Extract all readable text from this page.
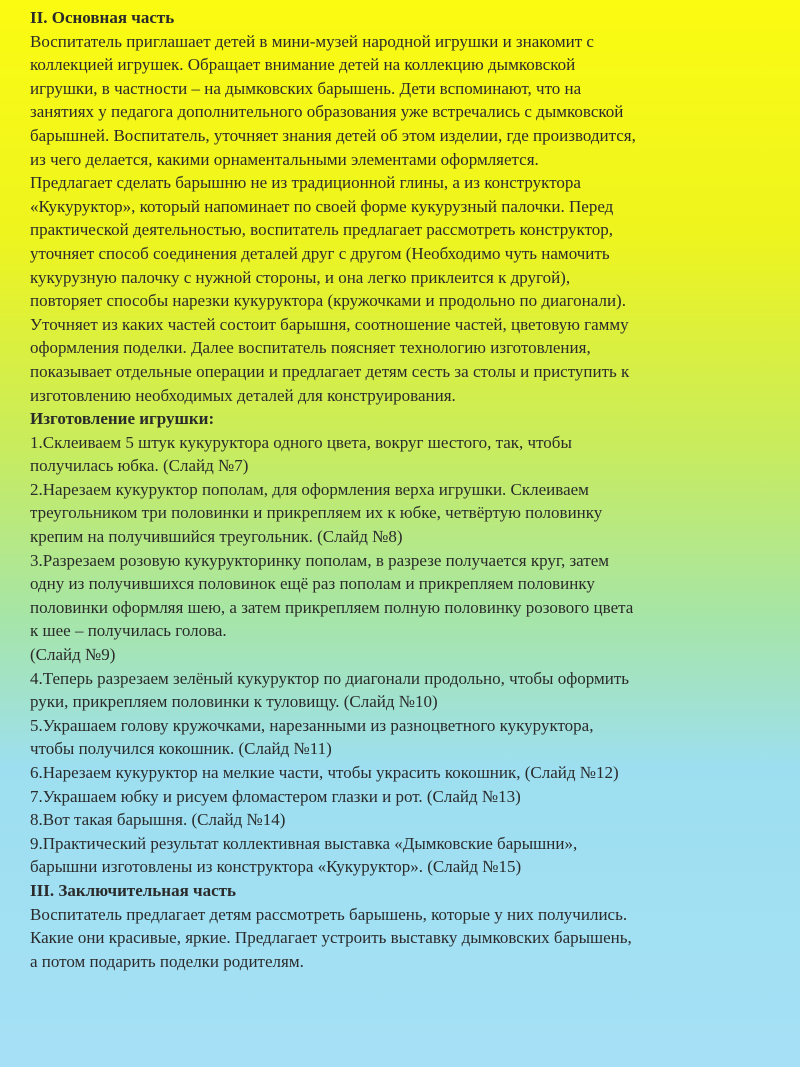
II. Основная часть
Воспитатель приглашает детей в мини-музей народной игрушки и знакомит с
коллекцией игрушек. Обращает внимание детей на коллекцию дымковской
игрушки, в частности – на дымковских барышень. Дети вспоминают, что на
занятиях у педагога дополнительного образования уже встречались с дымковской
барышней. Воспитатель, уточняет знания детей об этом изделии, где производится,
из чего делается, какими орнаментальными элементами оформляется.
Предлагает сделать барышню не из традиционной глины, а из конструктора
«Кукуруктор», который напоминает по своей форме кукурузный палочки. Перед
практической деятельностью, воспитатель предлагает рассмотреть конструктор,
уточняет способ соединения деталей друг с другом (Необходимо чуть намочить
кукурузную палочку с нужной стороны, и она легко приклеится к другой),
повторяет способы нарезки кукуруктора (кружочками и продольно по диагонали).
Уточняет из каких частей состоит барышня, соотношение частей, цветовую гамму
оформления поделки. Далее воспитатель поясняет технологию изготовления,
показывает отдельные операции и предлагает детям сесть за столы и приступить к
изготовлению необходимых деталей для конструирования.
Изготовление игрушки:
1.Склеиваем 5 штук кукуруктора одного цвета, вокруг шестого, так, чтобы
получилась юбка. (Слайд №7)
2.Нарезаем кукуруктор пополам, для оформления верха игрушки. Склеиваем
треугольником три половинки и прикрепляем их к юбке, четвёртую половинку
крепим на получившийся треугольник. (Слайд №8)
3.Разрезаем розовую кукурукторинку пополам, в разрезе получается круг, затем
одну из получившихся половинок ещё раз пополам и прикрепляем половинку
половинки оформляя шею, а затем прикрепляем полную половинку розового цвета
к шее – получилась голова.
(Слайд №9)
4.Теперь разрезаем зелёный кукуруктор по диагонали продольно, чтобы оформить
руки, прикрепляем половинки к туловищу. (Слайд №10)
5.Украшаем голову кружочками, нарезанными из разноцветного кукуруктора,
чтобы получился кокошник. (Слайд №11)
6.Нарезаем кукуруктор на мелкие части, чтобы украсить кокошник, (Слайд №12)
7.Украшаем юбку и рисуем фломастером глазки и рот. (Слайд №13)
8.Вот такая барышня. (Слайд №14)
9.Практический результат коллективная выставка «Дымковские барышни»,
барышни изготовлены из конструктора «Кукуруктор». (Слайд №15)
III. Заключительная часть
Воспитатель предлагает детям рассмотреть барышень, которые у них получились.
Какие они красивые, яркие. Предлагает устроить выставку дымковских барышень,
а потом подарить поделки родителям.
